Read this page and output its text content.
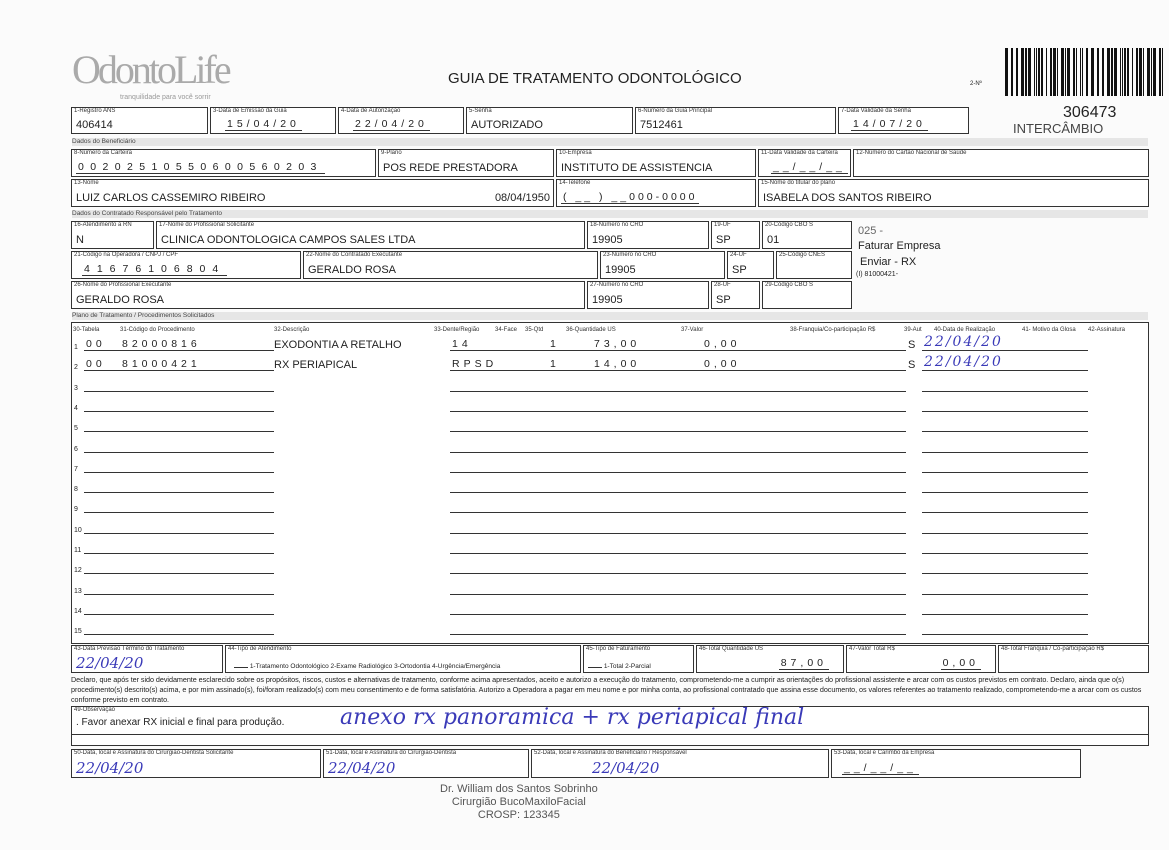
OdontoLife
tranquilidade para você sorrir
GUIA DE TRATAMENTO ODONTOLÓGICO	2-Nº
306473
INTERCÂMBIO
1-Registro ANS
406414
3-Data de Emissão da Guia
15/04/20
4-Data de Autorização
22/04/20
5-Senha
AUTORIZADO
6-Número da Guia Principal
7512461
7-Data Validade da Senha
14/07/20
Dados do Beneficiário
8-Número da Carteira
00202510550600560203
9-Plano
POS REDE PRESTADORA
10-Empresa
INSTITUTO DE ASSISTENCIA
11-Data Validade da Carteira
__/__/__
12-Número do Cartão Nacional de Saúde
13-Nome
LUIZ CARLOS CASSEMIRO RIBEIRO	08/04/1950
14-Telefone
( __ ) __000-0000
15-Nome do titular do plano
ISABELA DOS SANTOS RIBEIRO
Dados do Contratado Responsável pelo Tratamento
16-Atendimento a RN
N
17-Nome do Profissional Solicitante
CLINICA ODONTOLOGICA CAMPOS SALES LTDA
18-Número no CRO
19905
19-UF
SP
20-Código CBO S
01
025 -
Faturar Empresa
Enviar - RX
(I) 81000421-
21-Código na Operadora / CNPJ / CPF
41676106804
22-Nome do Contratado Executante
GERALDO ROSA
23-Número no CRO
19905
24-UF
SP
25-Código CNES
26-Nome do Profissional Executante
GERALDO ROSA
27-Número no CRO
19905
28-UF
SP
29-Código CBO S
Plano de Tratamento / Procedimentos Solicitados
30-Tabela	31-Código do Procedimento	32-Descrição	33-Dente/Região	34-Face 35-Qtd	36-Quantidade US	37-Valor	38-Franquia/Co-participação R$	39-Aut 40-Data de Realização	41- Motivo da Glosa 42-Assinatura
1 00	82000816	EXODONTIA A RETALHO	14	1	73,00	0,00	S 22/04/20

2 00	81000421	RX PERIAPICAL	RPSD	1	14,00	0,00	S 22/04/20

3

4

5

6

7

8

9

10

11

12

13

14

15

43-Data Previsão Término do Tratamento
22/04/20
44-Tipo de Atendimento
1-Tratamento Odontológico 2-Exame Radiológico 3-Ortodontia 4-Urgência/Emergência
45-Tipo de Faturamento
1-Total 2-Parcial
46-Total Quantidade US
87,00
47-Valor Total R$
0,00
48-Total Franquia / Co-participação R$
Declaro, que após ter sido devidamente esclarecido sobre os propósitos, riscos, custos e alternativas de tratamento, conforme acima apresentados, aceito e autorizo a execução do tratamento, comprometendo-me a cumprir as orientações do profissional assistente e arcar com os custos previstos em contrato. Declaro, ainda que o(s) procedimento(s) descrito(s) acima, e por mim assinado(s), foi/foram realizado(s) com meu consentimento e de forma satisfatória. Autorizo a Operadora a pagar em meu nome e por minha conta, ao profissional contratado que assina esse documento, os valores referentes ao tratamento realizado, comprometendo-me a arcar com os custos conforme previsto em contrato.
49-Observação
. Favor anexar RX inicial e final para produção.	anexo rx panoramica + rx periapical final
50-Data, local e Assinatura do Cirurgião-Dentista Solicitante
22/04/20
51-Data, local e Assinatura do Cirurgião-Dentista
22/04/20
52-Data, local e Assinatura do Beneficiário / Responsável
22/04/20
53-Data, local e Carimbo da Empresa
__/__/__
Dr. William dos Santos Sobrinho
Cirurgião BucoMaxiloFacial
CROSP: 123345
